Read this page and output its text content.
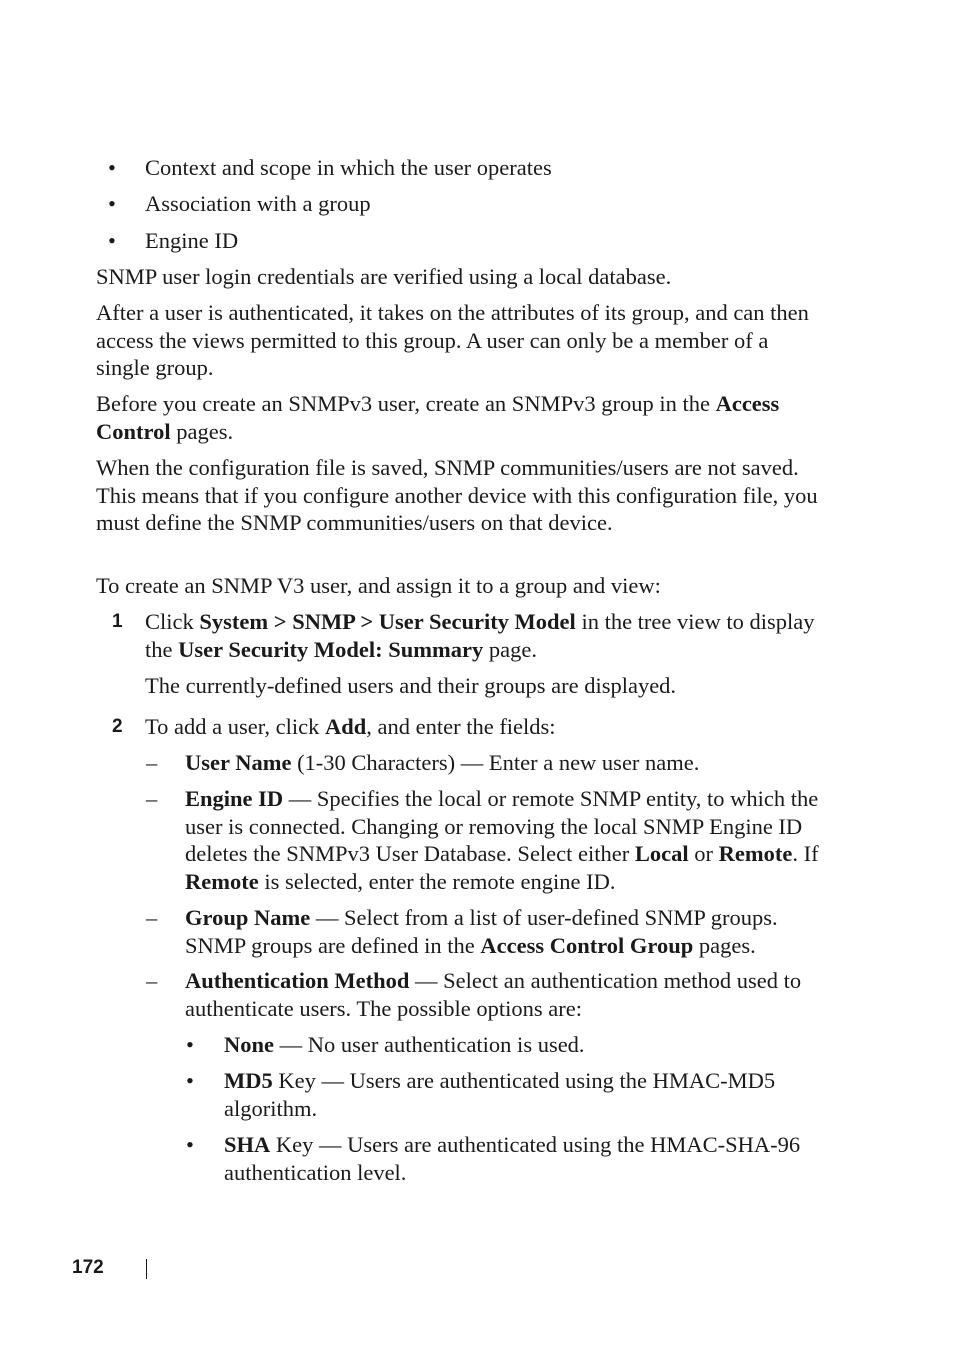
• Context and scope in which the user operates

• Association with a group

• Engine ID

SNMP user login credentials are verified using a local database.

After a user is authenticated, it takes on the attributes of its group, and can then access the views permitted to this group. A user can only be a member of a single group.

Before you create an SNMPv3 user, create an SNMPv3 group in the Access Control pages.

When the configuration file is saved, SNMP communities/users are not saved. This means that if you configure another device with this configuration file, you must define the SNMP communities/users on that device.

To create an SNMP V3 user, and assign it to a group and view:

1 Click System > SNMP > User Security Model in the tree view to display the User Security Model: Summary page.

The currently-defined users and their groups are displayed.

2 To add a user, click Add, and enter the fields:

– User Name (1-30 Characters) — Enter a new user name.

– Engine ID — Specifies the local or remote SNMP entity, to which the user is connected. Changing or removing the local SNMP Engine ID deletes the SNMPv3 User Database. Select either Local or Remote. If Remote is selected, enter the remote engine ID.

– Group Name — Select from a list of user-defined SNMP groups. SNMP groups are defined in the Access Control Group pages.

– Authentication Method — Select an authentication method used to authenticate users. The possible options are:

• None — No user authentication is used.

• MD5 Key — Users are authenticated using the HMAC-MD5 algorithm.

• SHA Key — Users are authenticated using the HMAC-SHA-96 authentication level.

172
